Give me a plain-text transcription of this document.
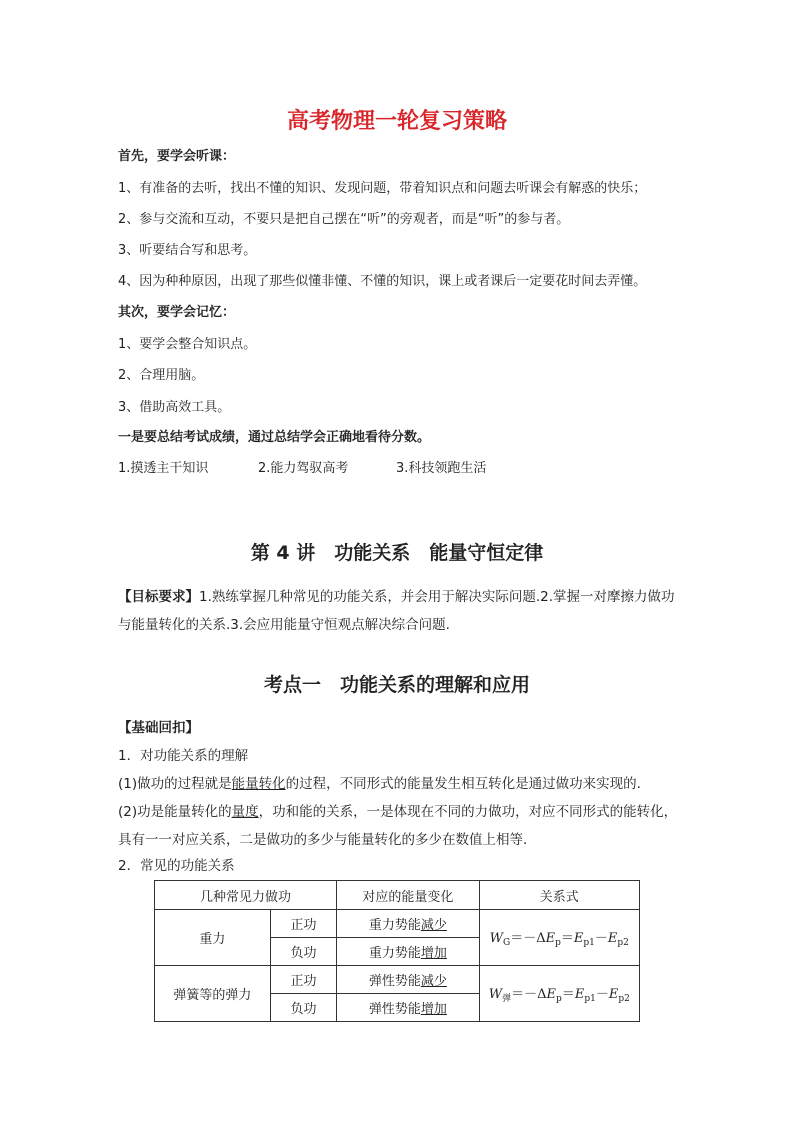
高考物理一轮复习策略
首先，要学会听课：
1、有准备的去听，找出不懂的知识、发现问题，带着知识点和问题去听课会有解惑的快乐；
2、参与交流和互动，不要只是把自己摆在“听”的旁观者，而是“听”的参与者。
3、听要结合写和思考。
4、因为种种原因，出现了那些似懂非懂、不懂的知识，课上或者课后一定要花时间去弄懂。
其次，要学会记忆：
1、要学会整合知识点。
2、合理用脑。
3、借助高效工具。
一是要总结考试成绩，通过总结学会正确地看待分数。
1.摸透主干知识	2.能力驾驭高考	3.科技领跑生活
第 4 讲　功能关系　能量守恒定律
【目标要求】1.熟练掌握几种常见的功能关系，并会用于解决实际问题.2.掌握一对摩擦力做功
与能量转化的关系.3.会应用能量守恒观点解决综合问题.
考点一　功能关系的理解和应用
【基础回扣】
1．对功能关系的理解
(1)做功的过程就是能量转化的过程，不同形式的能量发生相互转化是通过做功来实现的.
(2)功是能量转化的量度，功和能的关系，一是体现在不同的力做功，对应不同形式的能转化，
具有一一对应关系，二是做功的多少与能量转化的多少在数值上相等.
2．常见的功能关系
几种常见力做功		对应的能量变化	关系式
重力	正功	重力势能减少	$W_G=-\Delta E_p=E_{p1}-E_{p2}$
	负功	重力势能增加	
弹簧等的弹力	正功	弹性势能减少	$W_弹=-\Delta E_p=E_{p1}-E_{p2}$
	负功	弹性势能增加	
